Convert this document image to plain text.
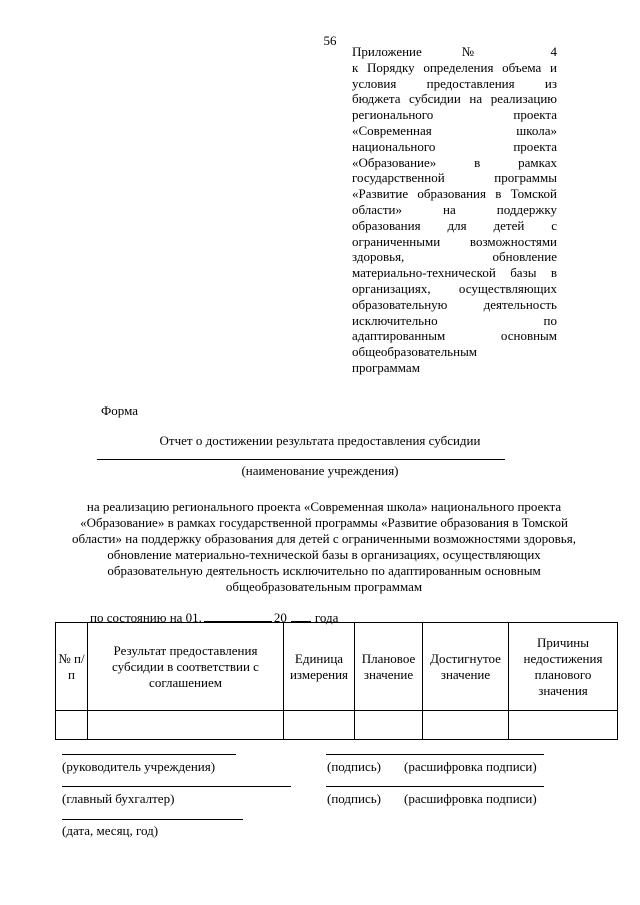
56
Приложение № 4
к Порядку определения объема и
условия предоставления из
бюджета субсидии на реализацию
регионального проекта
«Современная школа»
национального проекта
«Образование» в рамках
государственной программы
«Развитие образования в Томской
области» на поддержку
образования для детей с
ограниченными возможностями
здоровья, обновление
материально-технической базы в
организациях, осуществляющих
образовательную деятельность
исключительно по
адаптированным основным
общеобразовательным
программам
Форма
Отчет о достижении результата предоставления субсидии
(наименование учреждения)
на реализацию регионального проекта «Современная школа» национального проекта
«Образование» в рамках государственной программы «Развитие образования в Томской
области» на поддержку образования для детей с ограниченными возможностями здоровья,
обновление материально-технической базы в организациях, осуществляющих
образовательную деятельность исключительно по адаптированным основным
общеобразовательным программам
по состоянию на 01.	20 года
№ п/п	Результат предоставления субсидии в соответствии с соглашением	Единица измерения	Плановое значение	Достигнутое значение	Причины недостижения планового значения

(руководитель учреждения)	(подпись) (расшифровка подписи)
(главный бухгалтер)	(подпись) (расшифровка подписи)
(дата, месяц, год)
